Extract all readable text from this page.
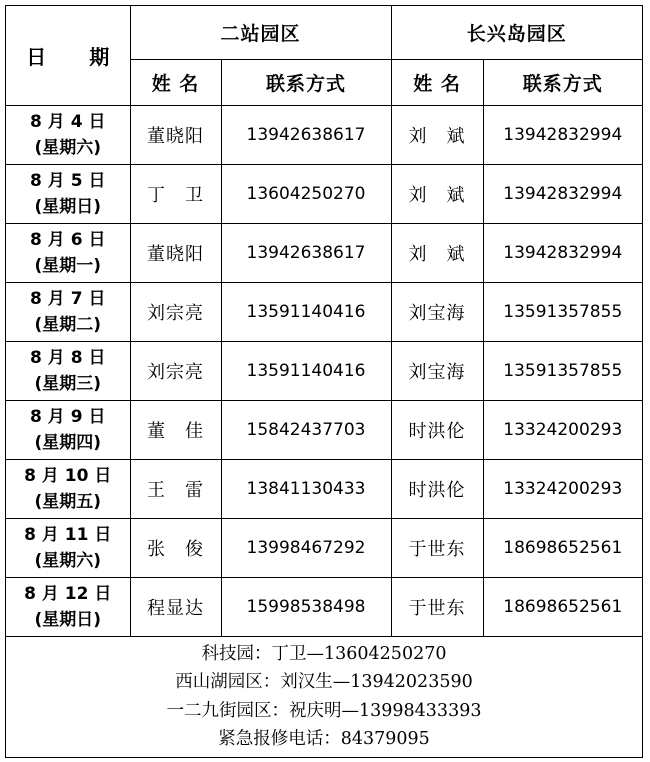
日 期	二站园区		长兴岛园区	
	姓 名	联系方式	姓 名	联系方式

8 月 4 日
(星期六)	董晓阳	13942638617	刘　斌	13942832994

8 月 5 日
(星期日)	丁　卫	13604250270	刘　斌	13942832994

8 月 6 日
(星期一)	董晓阳	13942638617	刘　斌	13942832994

8 月 7 日
(星期二)	刘宗亮	13591140416	刘宝海	13591357855

8 月 8 日
(星期三)	刘宗亮	13591140416	刘宝海	13591357855

8 月 9 日
(星期四)	董　佳	15842437703	时洪伦	13324200293

8 月 10 日
(星期五)	王　雷	13841130433	时洪伦	13324200293

8 月 11 日
(星期六)	张　俊	13998467292	于世东	18698652561

8 月 12 日
(星期日)	程显达	15998538498	于世东	18698652561
科技园：丁卫—13604250270
西山湖园区：刘汉生—13942023590
一二九街园区：祝庆明—13998433393
紧急报修电话：84379095
